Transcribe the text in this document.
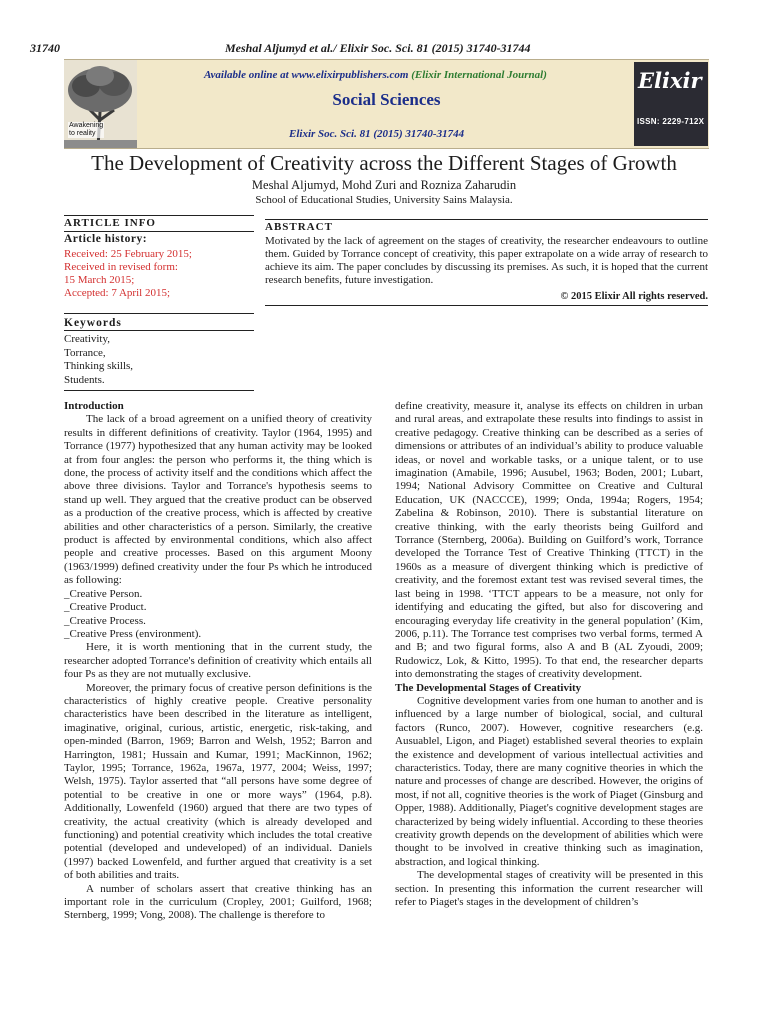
31740	Meshal Aljumyd et al./ Elixir Soc. Sci. 81 (2015) 31740-31744
Awakening
to reality
Available online at www.elixirpublishers.com (Elixir International Journal)
Social Sciences
Elixir Soc. Sci. 81 (2015) 31740-31744
Elixir
ISSN: 2229-712X
The Development of Creativity across the Different Stages of Growth
Meshal Aljumyd, Mohd Zuri and Rozniza Zaharudin
School of Educational Studies, University Sains Malaysia.
ARTICLE INFO
Article history:
Received: 25 February 2015;
Received in revised form:
15 March 2015;
Accepted: 7 April 2015;
Keywords
Creativity,
Torrance,
Thinking skills,
Students.
ABSTRACT
Motivated by the lack of agreement on the stages of creativity, the researcher endeavours to outline them. Guided by Torrance concept of creativity, this paper extrapolate on a wide array of research to achieve its aim. The paper concludes by discussing its premises. As such, it is hoped that the current research benefits, future investigation.
© 2015 Elixir All rights reserved.

Introduction

The lack of a broad agreement on a unified theory of creativity results in different definitions of creativity. Taylor (1964, 1995) and Torrance (1977) hypothesized that any human activity may be looked at from four angles: the person who performs it, the thing which is done, the process of activity itself and the conditions which affect the above three divisions. Taylor and Torrance's hypothesis seems to stand up well. They argued that the creative product can be observed as a production of the creative process, which is affected by creative abilities and other characteristics of a person. Similarly, the creative product is affected by environmental conditions, which also affect people and creative processes. Based on this argument Moony (1963/1999) defined creativity under the four Ps which he introduced as following:

_Creative Person.

_Creative Product.

_Creative Process.

_Creative Press (environment).

Here, it is worth mentioning that in the current study, the researcher adopted Torrance's definition of creativity which entails all four Ps as they are not mutually exclusive.

Moreover, the primary focus of creative person definitions is the characteristics of highly creative people. Creative personality characteristics have been described in the literature as intelligent, imaginative, original, curious, artistic, energetic, risk-taking, and open-minded (Barron, 1969; Barron and Welsh, 1952; Barron and Harrington, 1981; Hussain and Kumar, 1991; MacKinnon, 1962; Taylor, 1995; Torrance, 1962a, 1967a, 1977, 2004; Weiss, 1997; Welsh, 1975). Taylor asserted that “all persons have some degree of potential to be creative in one or more ways” (1964, p.8). Additionally, Lowenfeld (1960) argued that there are two types of creativity, the actual creativity (which is already developed and functioning) and potential creativity which includes the total creative potential (developed and undeveloped) of an individual. Daniels (1997) backed Lowenfeld, and further argued that creativity is a set of both abilities and traits.

A number of scholars assert that creative thinking has an important role in the curriculum (Cropley, 2001; Guilford, 1968; Sternberg, 1999; Vong, 2008). The challenge is therefore to

define creativity, measure it, analyse its effects on children in urban and rural areas, and extrapolate these results into findings to assist in creative pedagogy. Creative thinking can be described as a series of dimensions or attributes of an individual’s ability to produce valuable ideas, or novel and workable tasks, or a unique talent, or to use imagination (Amabile, 1996; Ausubel, 1963; Boden, 2001; Lubart, 1994; National Advisory Committee on Creative and Cultural Education, UK (NACCCE), 1999; Onda, 1994a; Rogers, 1954; Zabelina & Robinson, 2010). There is substantial literature on creative thinking, with the early theorists being Guilford and Torrance (Sternberg, 2006a). Building on Guilford’s work, Torrance developed the Torrance Test of Creative Thinking (TTCT) in the 1960s as a measure of divergent thinking which is predictive of creativity, and the foremost extant test was revised several times, the last being in 1998. ‘TTCT appears to be a measure, not only for identifying and educating the gifted, but also for discovering and encouraging everyday life creativity in the general population’ (Kim, 2006, p.11). The Torrance test comprises two verbal forms, termed A and B; and two figural forms, also A and B (AL Zyoudi, 2009; Rudowicz, Lok, & Kitto, 1995). To that end, the researcher departs into demonstrating the stages of creativity development.

The Developmental Stages of Creativity

Cognitive development varies from one human to another and is influenced by a large number of biological, social, and cultural factors (Runco, 2007). However, cognitive researchers (e.g. Ausuablel, Ligon, and Piaget) established several theories to explain the existence and development of various intellectual activities and characteristics. Today, there are many cognitive theories in which the nature and processes of change are described. However, the origins of most, if not all, cognitive theories is the work of Piaget (Ginsburg and Opper, 1988). Additionally, Piaget's cognitive development stages are characterized by being widely influential. According to these theories creativity growth depends on the development of abilities which were thought to be involved in creative thinking such as imagination, abstraction, and logical thinking.

The developmental stages of creativity will be presented in this section. In presenting this information the current researcher will refer to Piaget's stages in the development of children’s
